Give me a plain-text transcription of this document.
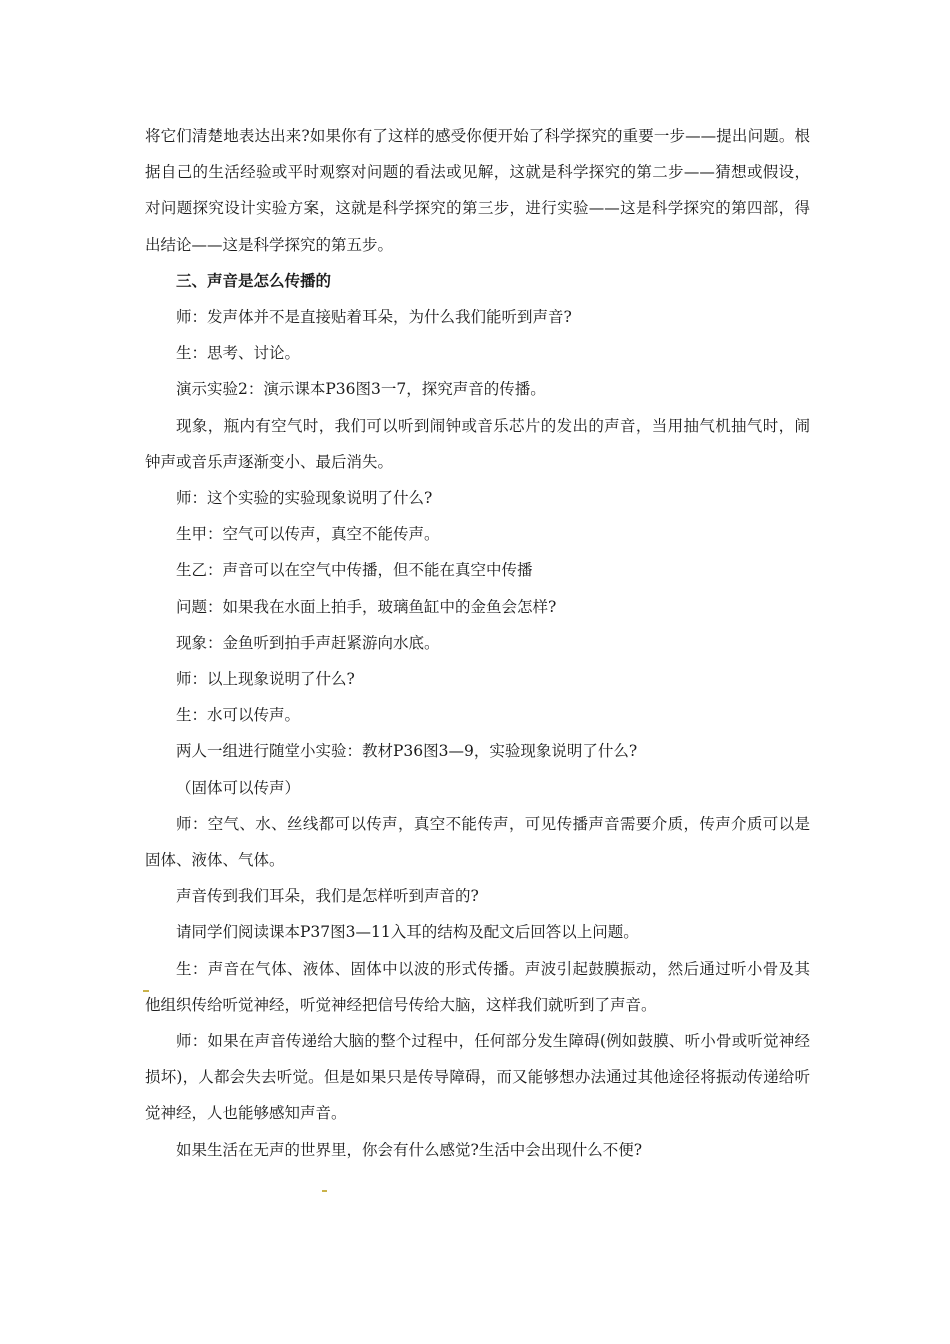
将它们清楚地表达出来?如果你有了这样的感受你便开始了科学探究的重要一步——提出问题。根据自己的生活经验或平时观察对问题的看法或见解，这就是科学探究的第二步——猜想或假设，对问题探究设计实验方案，这就是科学探究的第三步，进行实验——这是科学探究的第四部，得出结论——这是科学探究的第五步。

三、声音是怎么传播的

师：发声体并不是直接贴着耳朵，为什么我们能听到声音?

生：思考、讨论。

演示实验2：演示课本P36图3一7，探究声音的传播。

现象，瓶内有空气时，我们可以听到闹钟或音乐芯片的发出的声音，当用抽气机抽气时，闹钟声或音乐声逐渐变小、最后消失。

师：这个实验的实验现象说明了什么?

生甲：空气可以传声，真空不能传声。

生乙：声音可以在空气中传播，但不能在真空中传播

问题：如果我在水面上拍手，玻璃鱼缸中的金鱼会怎样?

现象：金鱼听到拍手声赶紧游向水底。

师：以上现象说明了什么?

生：水可以传声。

两人一组进行随堂小实验：教材P36图3—9，实验现象说明了什么?

（固体可以传声）

师：空气、水、丝线都可以传声，真空不能传声，可见传播声音需要介质，传声介质可以是固体、液体、气体。

声音传到我们耳朵，我们是怎样听到声音的?

请同学们阅读课本P37图3—11入耳的结构及配文后回答以上问题。

生：声音在气体、液体、固体中以波的形式传播。声波引起鼓膜振动，然后通过听小骨及其他组织传给听觉神经，听觉神经把信号传给大脑，这样我们就听到了声音。

师：如果在声音传递给大脑的整个过程中，任何部分发生障碍(例如鼓膜、听小骨或听觉神经损坏)，人都会失去听觉。但是如果只是传导障碍，而又能够想办法通过其他途径将振动传递给听觉神经，人也能够感知声音。

如果生活在无声的世界里，你会有什么感觉?生活中会出现什么不便?
